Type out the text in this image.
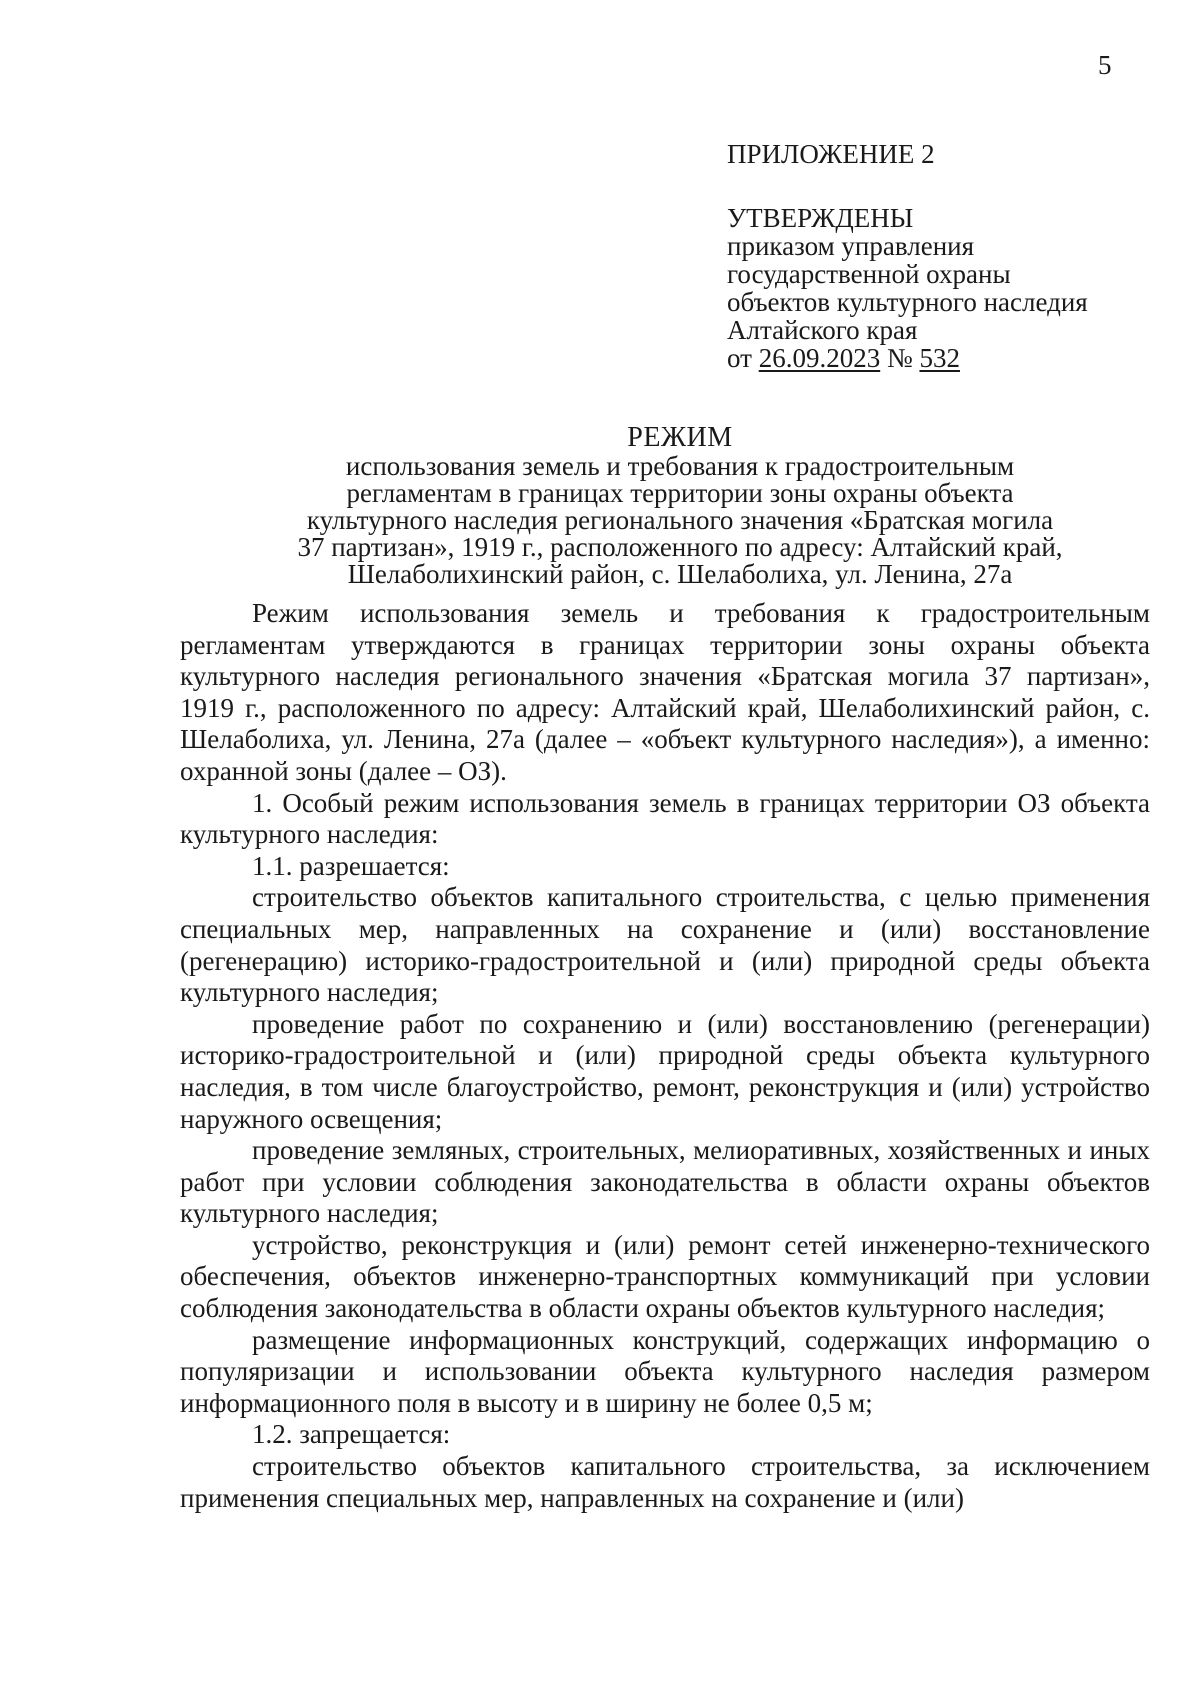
5
ПРИЛОЖЕНИЕ 2
УТВЕРЖДЕНЫ
приказом управления
государственной охраны
объектов культурного наследия
Алтайского края
от 26.09.2023 № 532
РЕЖИМ
использования земель и требования к градостроительным
регламентам в границах территории зоны охраны объекта
культурного наследия регионального значения «Братская могила
37 партизан», 1919 г., расположенного по адресу: Алтайский край,
Шелаболихинский район, с. Шелаболиха, ул. Ленина, 27а

Режим использования земель и требования к градостроительным регламентам утверждаются в границах территории зоны охраны объекта культурного наследия регионального значения «Братская могила 37 партизан», 1919 г., расположенного по адресу: Алтайский край, Шелаболихинский район, с. Шелаболиха, ул. Ленина, 27а (далее – «объект культурного наследия»), а именно: охранной зоны (далее – ОЗ).

1. Особый режим использования земель в границах территории ОЗ объекта культурного наследия:

1.1. разрешается:

строительство объектов капитального строительства, с целью применения специальных мер, направленных на сохранение и (или) восстановление (регенерацию) историко-градостроительной и (или) природной среды объекта культурного наследия;

проведение работ по сохранению и (или) восстановлению (регенерации) историко-градостроительной и (или) природной среды объекта культурного наследия, в том числе благоустройство, ремонт, реконструкция и (или) устройство наружного освещения;

проведение земляных, строительных, мелиоративных, хозяйственных и иных работ при условии соблюдения законодательства в области охраны объектов культурного наследия;

устройство, реконструкция и (или) ремонт сетей инженерно-технического обеспечения, объектов инженерно-транспортных коммуникаций при условии соблюдения законодательства в области охраны объектов культурного наследия;

размещение информационных конструкций, содержащих информацию о популяризации и использовании объекта культурного наследия размером информационного поля в высоту и в ширину не более 0,5 м;

1.2. запрещается:

строительство объектов капитального строительства, за исключением применения специальных мер, направленных на сохранение и (или)
